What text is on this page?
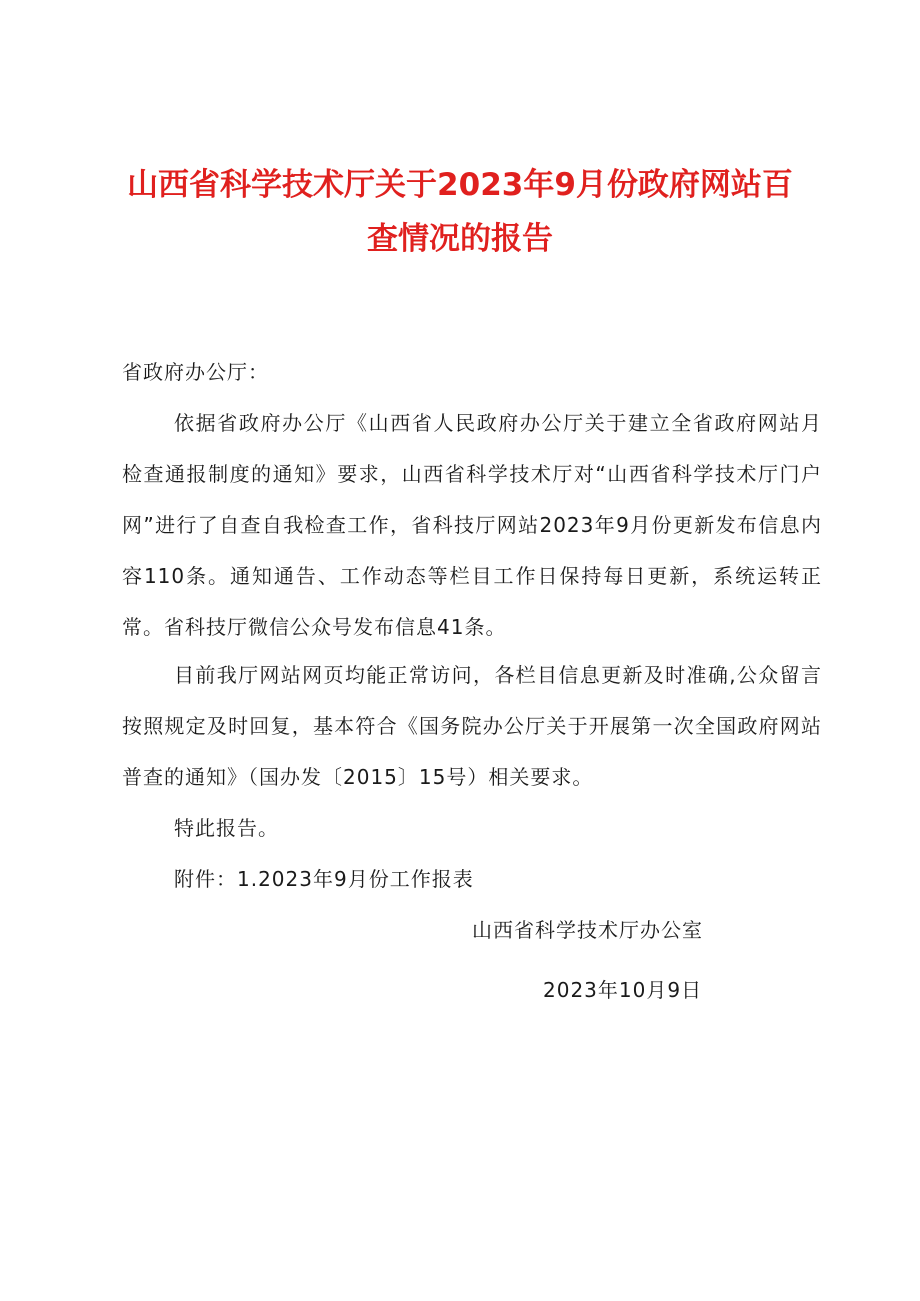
山西省科学技术厅关于2023年9月份政府网站百
查情况的报告

省政府办公厅：

依据省政府办公厅《山西省人民政府办公厅关于建立全省政府网站月检查通报制度的通知》要求，山西省科学技术厅对“山西省科学技术厅门户网”进行了自查自我检查工作，省科技厅网站2023年9月份更新发布信息内容110条。通知通告、工作动态等栏目工作日保持每日更新，系统运转正常。省科技厅微信公众号发布信息41条。

目前我厅网站网页均能正常访问，各栏目信息更新及时准确,公众留言按照规定及时回复，基本符合《国务院办公厅关于开展第一次全国政府网站普查的通知》（国办发〔2015〕15号）相关要求。

特此报告。

附件：1.2023年9月份工作报表

山西省科学技术厅办公室
2023年10月9日
